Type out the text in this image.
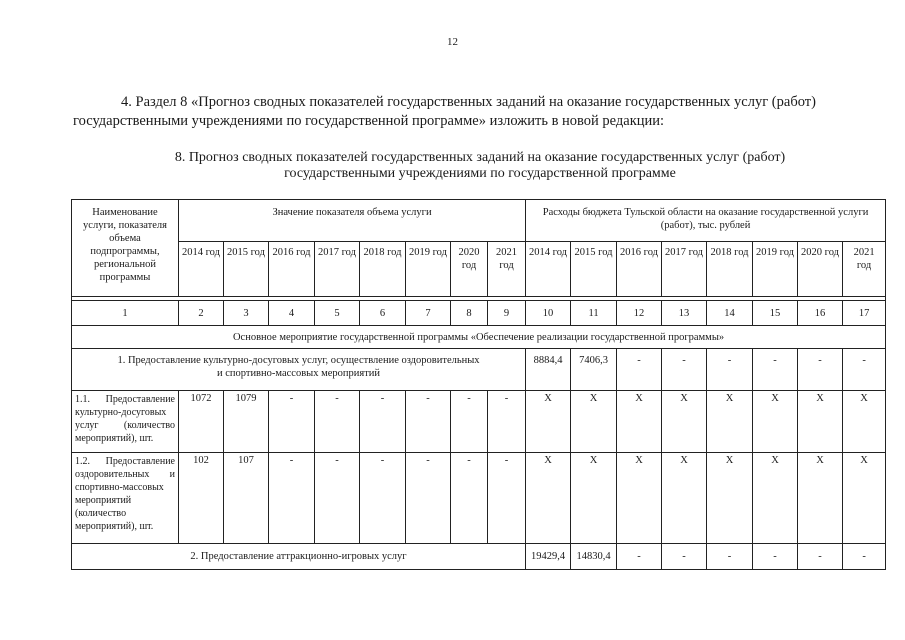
12
4. Раздел 8 «Прогноз сводных показателей государственных заданий на оказание государственных услуг (работ)
государственными учреждениями по государственной программе» изложить в новой редакции:
8. Прогноз сводных показателей государственных заданий на оказание государственных услуг (работ)
государственными учреждениями по государственной программе
Наименование услуги, показателя объема подпрограммы, региональной программы	Значение показателя объема услуги								Расходы бюджета Тульской области на оказание государственной услуги (работ), тыс. рублей							
	2014 год	2015 год	2016 год	2017 год	2018 год	2019 год	2020 год	2021 год	2014 год	2015 год	2016 год	2017 год	2018 год	2019 год	2020 год	2021 год

1	2	3	4	5	6	7	8	9	10	11	12	13	14	15	16	17
Основное мероприятие государственной программы «Обеспечение реализации государственной программы»																

1. Предоставление культурно-досуговых услуг, осуществление оздоровительных
и спортивно-массовых мероприятий									8884,4	7406,3	-	-	-	-	-	-
1.1. Предоставление культурно-досуговых услуг (количество мероприятий), шт.	1072	1079	-	-	-	-	-	-	X	X	X	X	X	X	X	X
1.2. Предоставление оздоровительных и спортивно-массовых мероприятий (количество мероприятий), шт.	102	107	-	-	-	-	-	-	X	X	X	X	X	X	X	X
2. Предоставление аттракционно-игровых услуг									19429,4	14830,4	-	-	-	-	-	-
